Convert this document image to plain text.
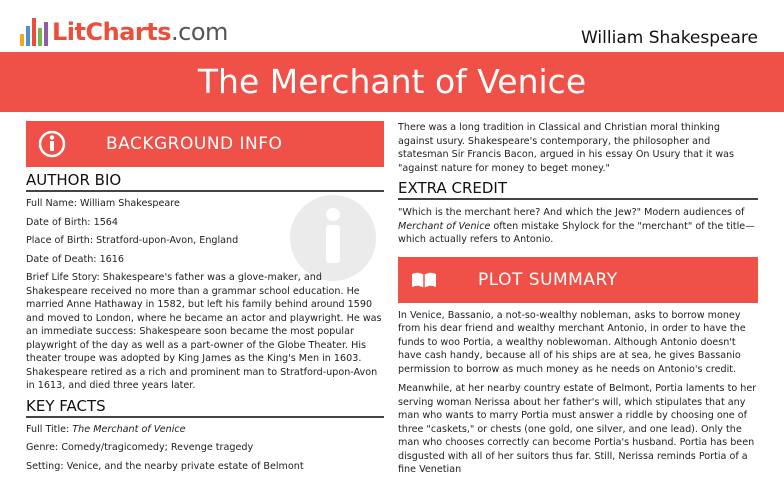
LitCharts.com	William Shakespeare
The Merchant of Venice
BACKGROUND INFO
AUTHOR BIO

Full Name: William Shakespeare

Date of Birth: 1564

Place of Birth: Stratford-upon-Avon, England

Date of Death: 1616

Brief Life Story: Shakespeare's father was a glove-maker, and Shakespeare received no more than a grammar school education. He married Anne Hathaway in 1582, but left his family behind around 1590 and moved to London, where he became an actor and playwright. He was an immediate success: Shakespeare soon became the most popular playwright of the day as well as a part-owner of the Globe Theater. His theater troupe was adopted by King James as the King's Men in 1603. Shakespeare retired as a rich and prominent man to Stratford-upon-Avon in 1613, and died three years later.

KEY FACTS

Full Title: The Merchant of Venice

Genre: Comedy/tragicomedy; Revenge tragedy

Setting: Venice, and the nearby private estate of Belmont

There was a long tradition in Classical and Christian moral thinking against usury. Shakespeare's contemporary, the philosopher and statesman Sir Francis Bacon, argued in his essay On Usury that it was "against nature for money to beget money."

EXTRA CREDIT

"Which is the merchant here? And which the Jew?" Modern audiences of Merchant of Venice often mistake Shylock for the "merchant" of the title—which actually refers to Antonio.

PLOT SUMMARY

In Venice, Bassanio, a not-so-wealthy nobleman, asks to borrow money from his dear friend and wealthy merchant Antonio, in order to have the funds to woo Portia, a wealthy noblewoman. Although Antonio doesn't have cash handy, because all of his ships are at sea, he gives Bassanio permission to borrow as much money as he needs on Antonio's credit.

Meanwhile, at her nearby country estate of Belmont, Portia laments to her serving woman Nerissa about her father's will, which stipulates that any man who wants to marry Portia must answer a riddle by choosing one of three "caskets," or chests (one gold, one silver, and one lead). Only the man who chooses correctly can become Portia's husband. Portia has been disgusted with all of her suitors thus far. Still, Nerissa reminds Portia of a fine Venetian
